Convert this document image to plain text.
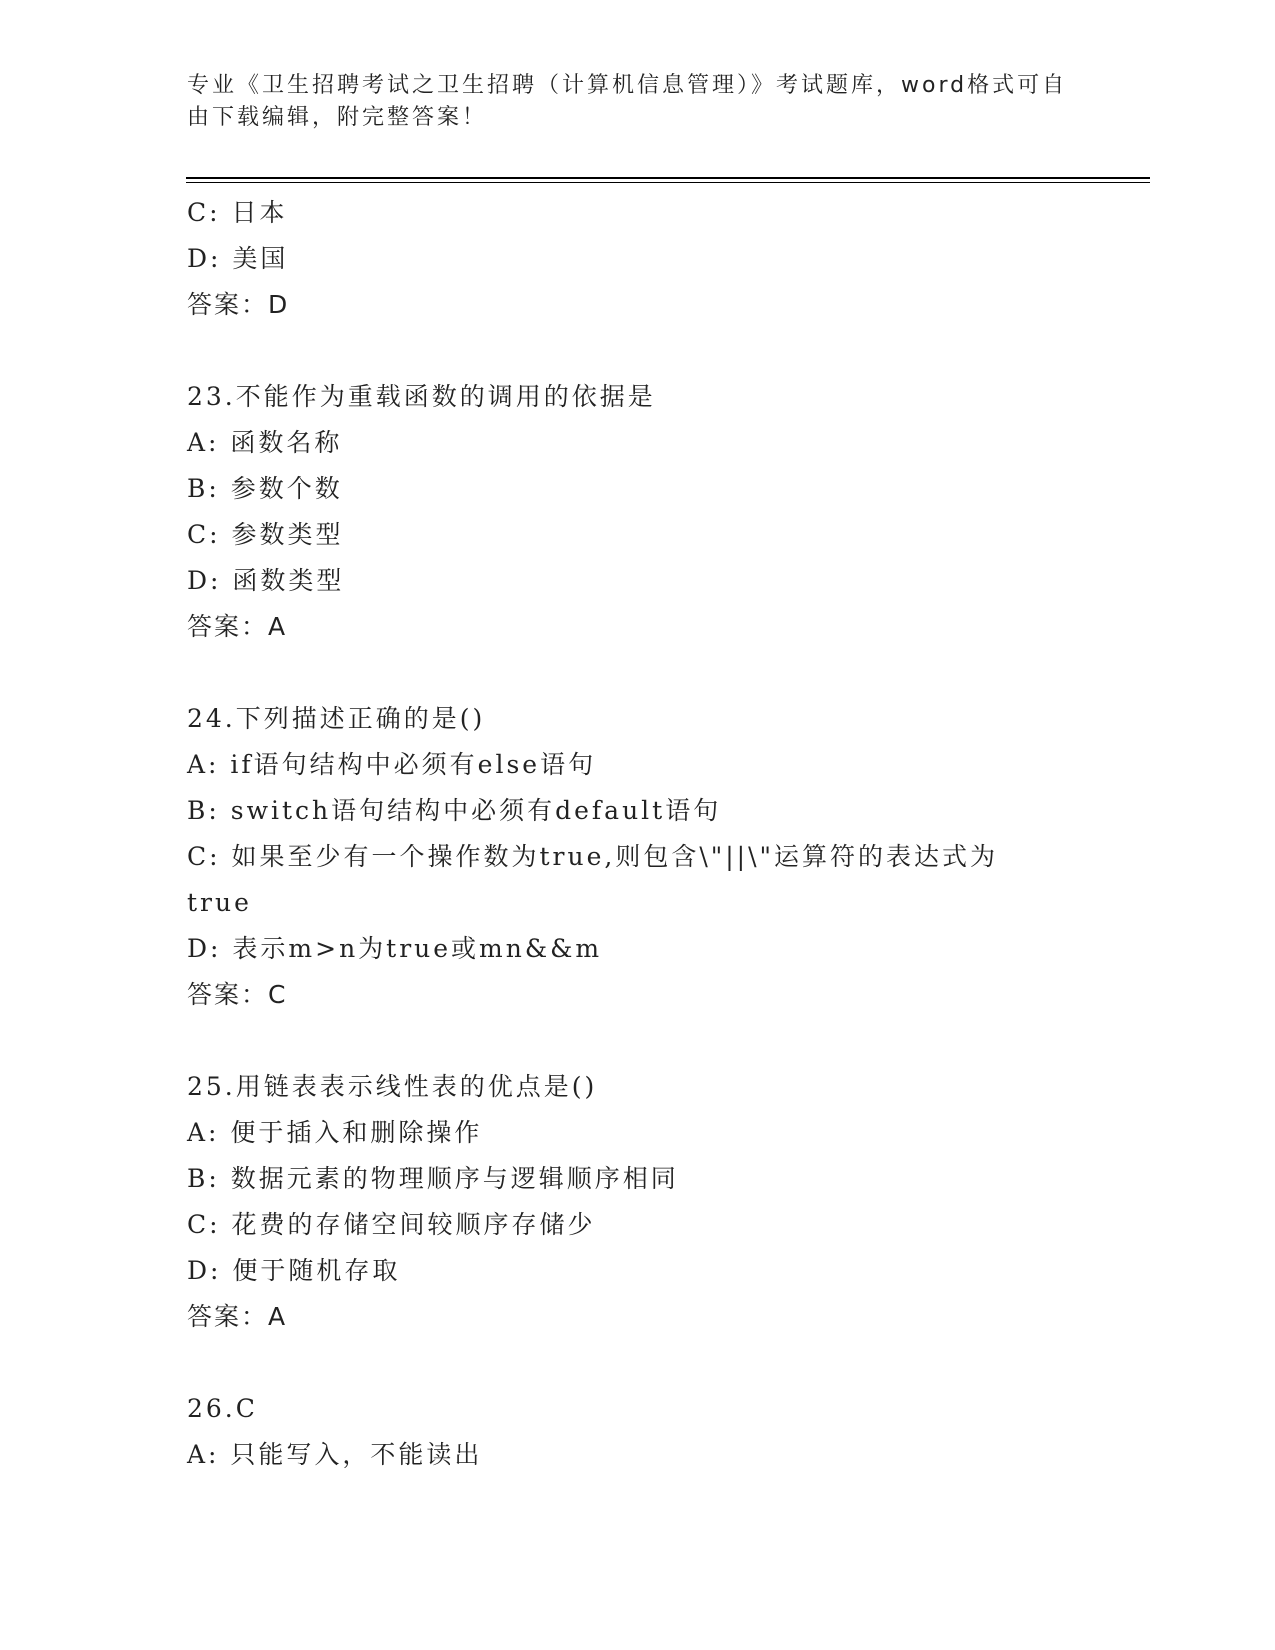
专业《卫生招聘考试之卫生招聘（计算机信息管理）》考试题库，word格式可自
由下载编辑，附完整答案！
C: 日本
D: 美国
答案：D
23.不能作为重载函数的调用的依据是
A: 函数名称
B: 参数个数
C: 参数类型
D: 函数类型
答案：A
24.下列描述正确的是()
A: if语句结构中必须有else语句
B: switch语句结构中必须有default语句
C: 如果至少有一个操作数为true,则包含\"||\"运算符的表达式为
true
D: 表示m>n为true或mn&&m
答案：C
25.用链表表示线性表的优点是()
A: 便于插入和删除操作
B: 数据元素的物理顺序与逻辑顺序相同
C: 花费的存储空间较顺序存储少
D: 便于随机存取
答案：A
26.C
A: 只能写入，不能读出
